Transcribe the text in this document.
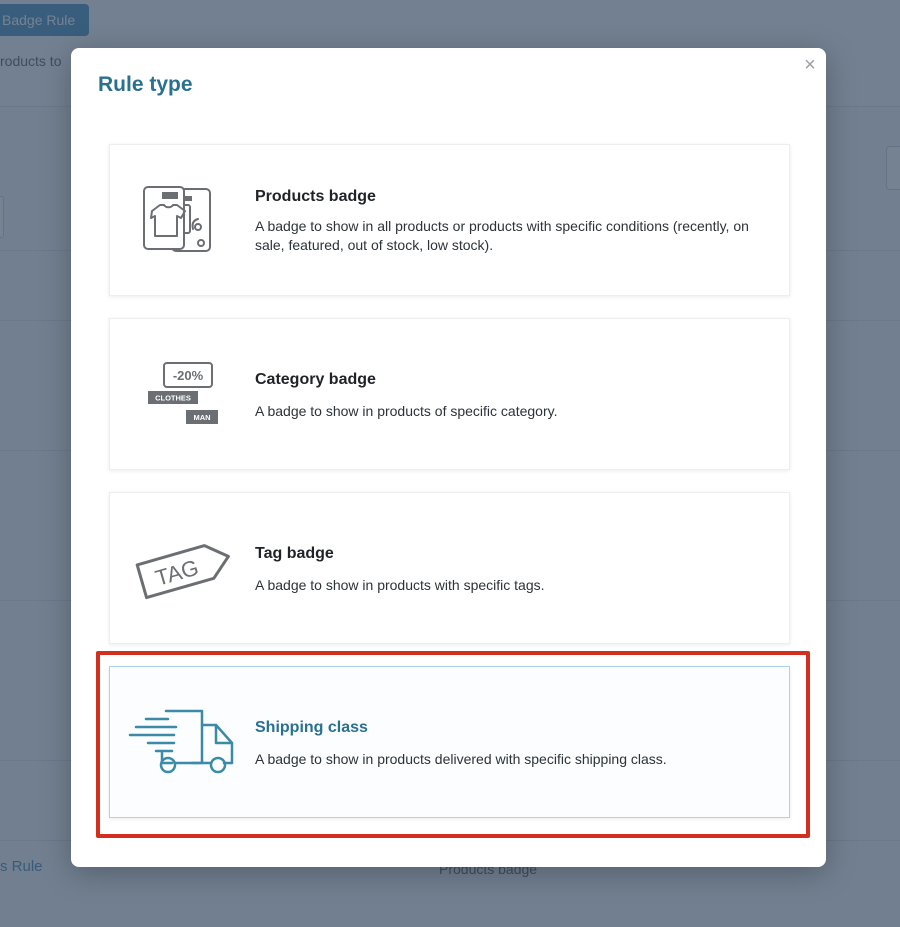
Rule type
×
Products badge
A badge to show in all products or products with specific conditions (recently, on sale, featured, out of stock, low stock).
-20%
CLOTHES
MAN
Category badge
A badge to show in products of specific category.
TAG
Tag badge
A badge to show in products with specific tags.
Shipping class
A badge to show in products delivered with specific shipping class.
